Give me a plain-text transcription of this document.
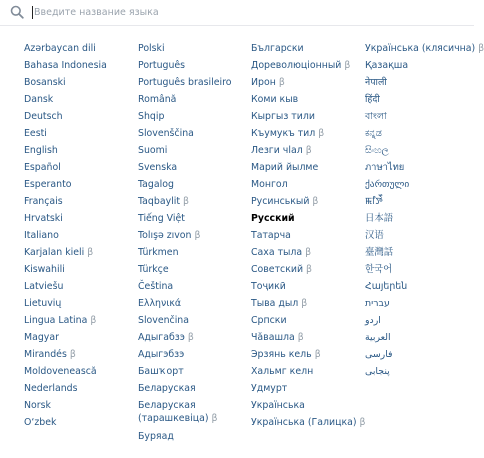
Введите название языка
Azərbaycan dili
Bahasa Indonesia
Bosanski
Dansk
Deutsch
Eesti
English
Español
Esperanto
Français
Hrvatski
Italiano
Karjalan kieli β
Kiswahili
Latviešu
Lietuvių
Lingua Latina β
Magyar
Mirandés β
Moldovenească
Nederlands
Norsk
O‘zbek
Polski
Português
Português brasileiro
Română
Shqip
Slovenščina
Suomi
Svenska
Tagalog
Taqbaylit β
Tiếng Việt
Tolışə zıvon β
Türkmen
Türkçe
Čeština
Ελληνικά
Slovenčina
Адыгабзэ β
Адыгэбзэ
Башҡорт
Беларуская
Беларуская (тарашкевіца) β
Буряад
Български
Дореволюціонный β
Ирон β
Коми кыв
Кыргыз тили
Къумукъ тил β
Лезги чlал β
Марий йылме
Монгол
Русинськый β
Русский
Татарча
Саха тыла β
Советский β
Тоҷикӣ
Тыва дыл β
Српски
Чӑвашла β
Эрзянь кель β
Хальмг келн
Удмурт
Українська
Українська (Галицка) β
Українська (клясична) β
Қазақша
नेपाली
हिंदी
বাংলা
ಕನ್ನಡ
සිංහල
ภาษาไทย
ქართული
ꯃꯤꯇꯩ
日本語
汉语
臺灣話
한국어
Հայերեն
עברית
اردو
العربية
فارسی
پنجابی
